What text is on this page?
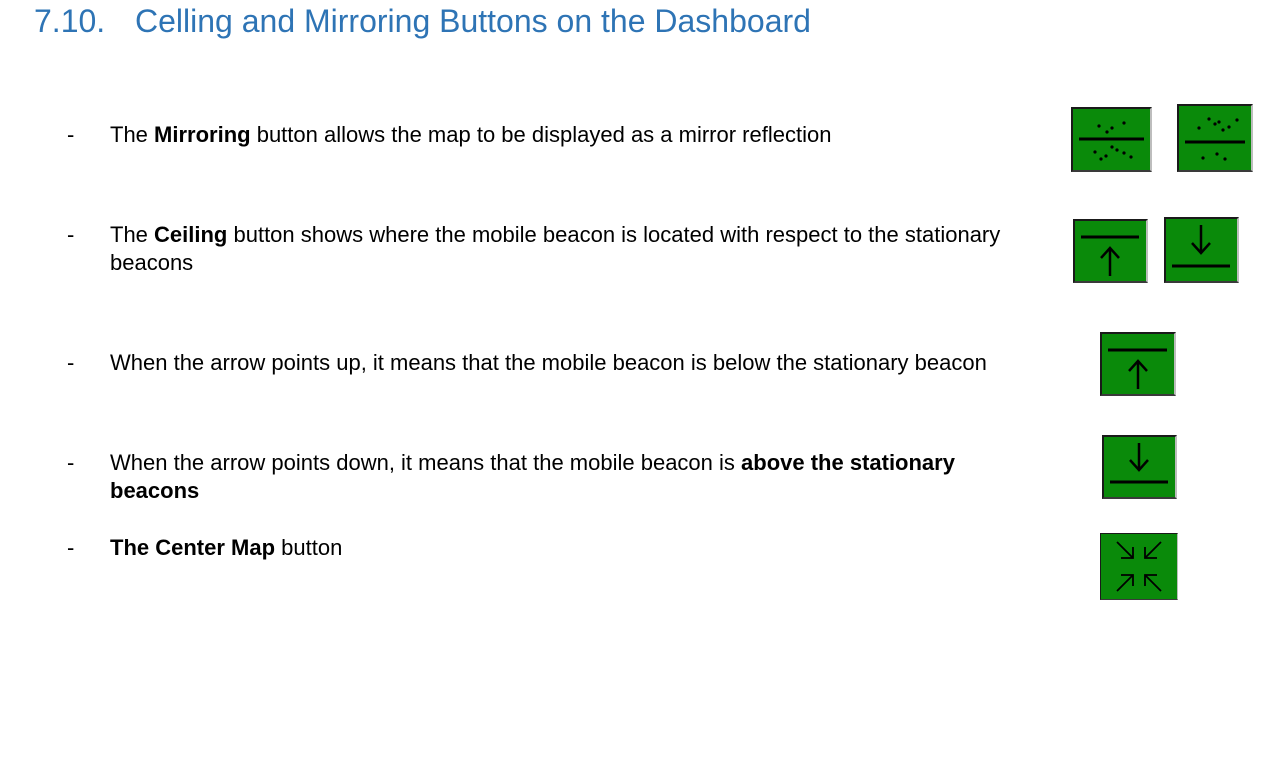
7.10. Celling and Mirroring Buttons on the Dashboard
- The Mirroring button allows the map to be displayed as a mirror reflection
- The Ceiling button shows where the mobile beacon is located with respect to the stationary beacons
- When the arrow points up, it means that the mobile beacon is below the stationary beacon
- When the arrow points down, it means that the mobile beacon is above the stationary beacons
- The Center Map button
